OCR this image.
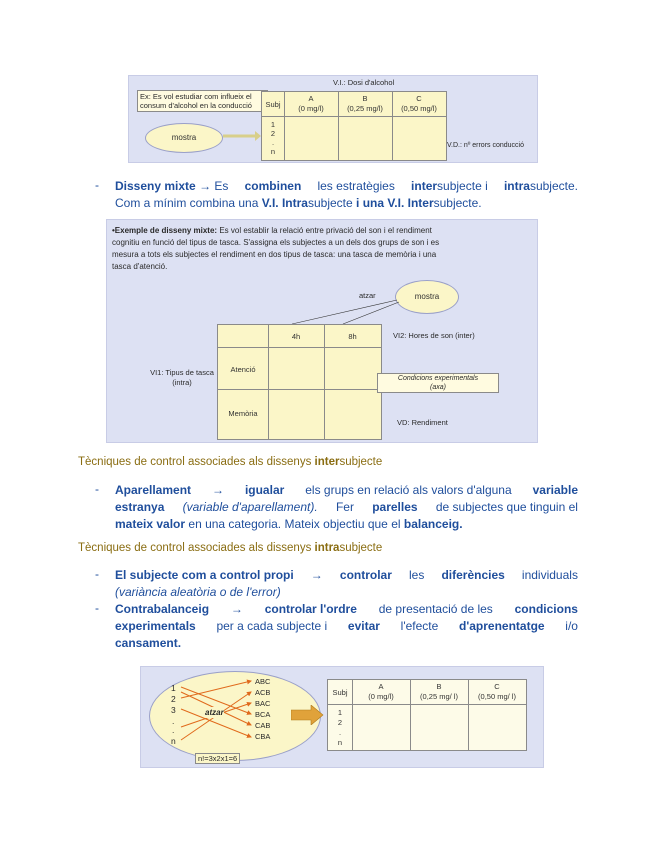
V.I.: Dosi d'alcohol
Ex: Es vol estudiar com influeix el consum d'alcohol en la conducció
mostra
Subj
A
(0 mg/l)
B
(0,25 mg/l)
C
(0,50 mg/l)
1
2
.
n
V.D.: nº errors conducció
- Disseny mixte → Es combinen les estratègies intersubjecte i intrasubjecte.
Com a mínim combina una V.I. Intrasubjecte i una V.I. Intersubjecte.
•Exemple de disseny mixte: Es vol establir la relació entre privació del son i el rendiment
cognitiu en funció del tipus de tasca. S'assigna els subjectes a un dels dos grups de son i es
mesura a tots els subjectes el rendiment en dos tipus de tasca: una tasca de memòria i una
tasca d'atenció.
mostra
atzar
4h	8h
Atenció
Memòria
VI2: Hores de son (inter)
VI1: Tipus de tasca
(intra)	Condicions experimentals
(axa)
VD: Rendiment
Tècniques de control associades als dissenys intersubjecte
- Aparellament → igualar els grups en relació als valors d'alguna variable
estranya (variable d'aparellament). Fer parelles de subjectes que tinguin el
mateix valor en una categoria. Mateix objectiu que el balanceig.
Tècniques de control associades als dissenys intrasubjecte
- El subjecte com a control propi → controlar les diferències individuals
(variància aleatòria o de l'error)
- Contrabalanceig → controlar l'ordre de presentació de les condicions
experimentals per a cada subjecte i evitar l'efecte d'aprenentatge i/o
cansament.
1
2
3
.
.
n
ABC
ACB
BAC
BCA
CAB
CBA
atzar
n!=3x2x1=6
Subj
A
(0 mg/l)
B
(0,25 mg/ l)
C
(0,50 mg/ l)
1
2
.
n
